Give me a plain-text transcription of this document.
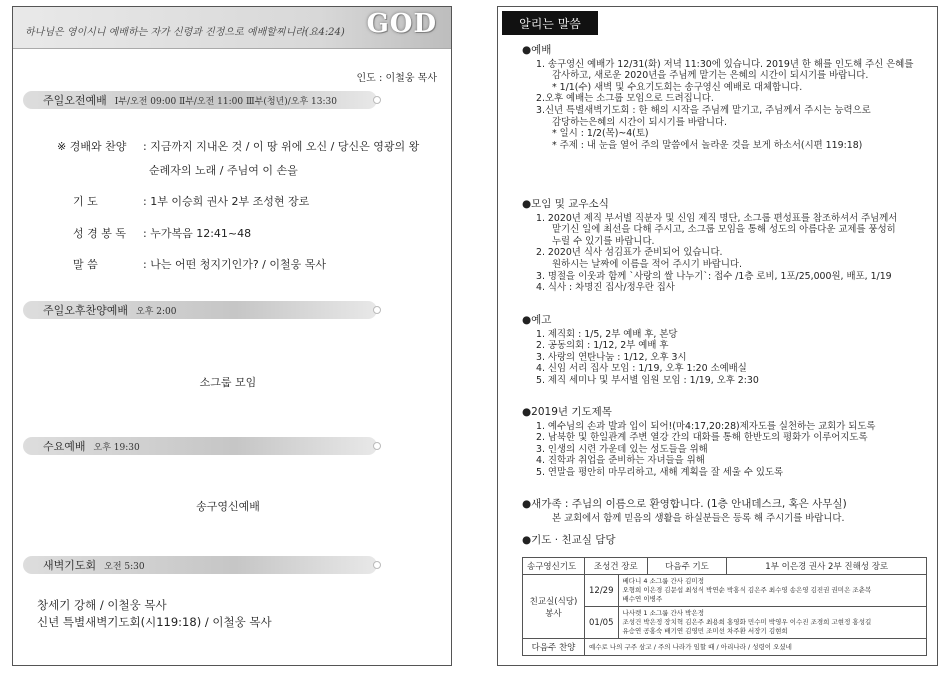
하나님은 영이시니 예배하는 자가 신령과 진정으로 예배할찌니라(요4:24) GOD
인도 : 이철웅 목사
주일오전예배 Ⅰ부/오전 09:00 Ⅱ부/오전 11:00 Ⅲ부(청년)/오후 13:30
※ 경배와 찬양 : 지금까지 지내온 것 / 이 땅 위에 오신 / 당신은 영광의 왕
순례자의 노래 / 주님여 이 손을
기 도	: 1부 이승희 권사 2부 조성현 장로
성 경 봉 독 : 누가복음 12:41~48
말 씀	: 나는 어떤 청지기인가? / 이철웅 목사
주일오후찬양예배 오후 2:00
소그룹 모임
수요예배 오후 19:30
송구영신예배
새벽기도회 오전 5:30
창세기 강해 / 이철웅 목사
신년 특별새벽기도회(시119:18) / 이철웅 목사
알리는 말씀
●예배
1. 송구영신 예배가 12/31(화) 저녁 11:30에 있습니다. 2019년 한 해를 인도해 주신 은혜를
감사하고, 새로운 2020년을 주님께 맡기는 은혜의 시간이 되시기를 바랍니다.
* 1/1(수) 새벽 및 수요기도회는 송구영신 예배로 대체합니다.
2.오후 예배는 소그룹 모임으로 드려집니다.
3.신년 특별새벽기도회 : 한 해의 시작을 주님께 맡기고, 주님께서 주시는 능력으로
감당하는은혜의 시간이 되시기를 바랍니다.
* 일시 : 1/2(목)~4(토)
* 주제 : 내 눈을 열어 주의 말씀에서 놀라운 것을 보게 하소서(시편 119:18)
●모임 및 교우소식
1. 2020년 제직 부서별 직분자 및 신임 제직 명단, 소그룹 편성표를 참조하셔서 주님께서
맡기신 일에 최선을 다해 주시고, 소그룹 모임을 통해 성도의 아름다운 교제를 풍성히
누릴 수 있기를 바랍니다.
2. 2020년 식사 섬김표가 준비되어 있습니다.
원하시는 날짜에 이름을 적어 주시기 바랍니다.
3. 명절을 이웃과 함께 `사랑의 쌀 나누기`: 접수 /1층 로비, 1포/25,000원, 배포, 1/19
4. 식사 : 차명진 집사/정우란 집사
●예고
1. 제직회 : 1/5, 2부 예배 후, 본당
2. 공동의회 : 1/12, 2부 예배 후
3. 사랑의 연탄나눔 : 1/12, 오후 3시
4. 신임 서리 집사 모임 : 1/19, 오후 1:20 소예배실
5. 제직 세미나 및 부서별 임원 모임 : 1/19, 오후 2:30
●2019년 기도제목
1. 예수님의 손과 발과 입이 되어!(마4:17,20:28)제자도를 실천하는 교회가 되도록
2. 남북한 및 한일관계 주변 열강 간의 대화를 통해 한반도의 평화가 이루어지도록
3. 인생의 시련 가운데 있는 성도들을 위해
4. 진학과 취업을 준비하는 자녀들을 위해
5. 연말을 평안히 마무리하고, 새해 계획을 잘 세울 수 있도록
●새가족 : 주님의 이름으로 환영합니다. (1층 안내데스크, 혹은 사무실)
본 교회에서 함께 믿음의 생활을 하실분들은 등록 해 주시기를 바랍니다.
●기도 · 친교실 담당
송구영신기도	조성건 장로		다음주 기도	1부 이은경 권사 2부 진해성 장로
친교실(식당)
봉사	12/29	베다니 4 소그룹 간사 김미정
오형희 이은경 김문섭 최성식 박연순 박홍식 김은주 최수영 송은영 김진권 권미은 조춘복
배수연 이병주		
	01/05	나사렛 1 소그룹 간사 박은정
조성건 박은정 장치혁 김은주 최용희 홍영화 민수미 박영우 이수진 조경희 고현정 홍성길
유승연 공홍숙 배기연 김영민 조미선 차주환 서장기 김현희		
다음주 찬양	예수로 나의 구주 삼고 / 주의 나라가 임할 때 / 아리나라 / 성령이 오셨네			
